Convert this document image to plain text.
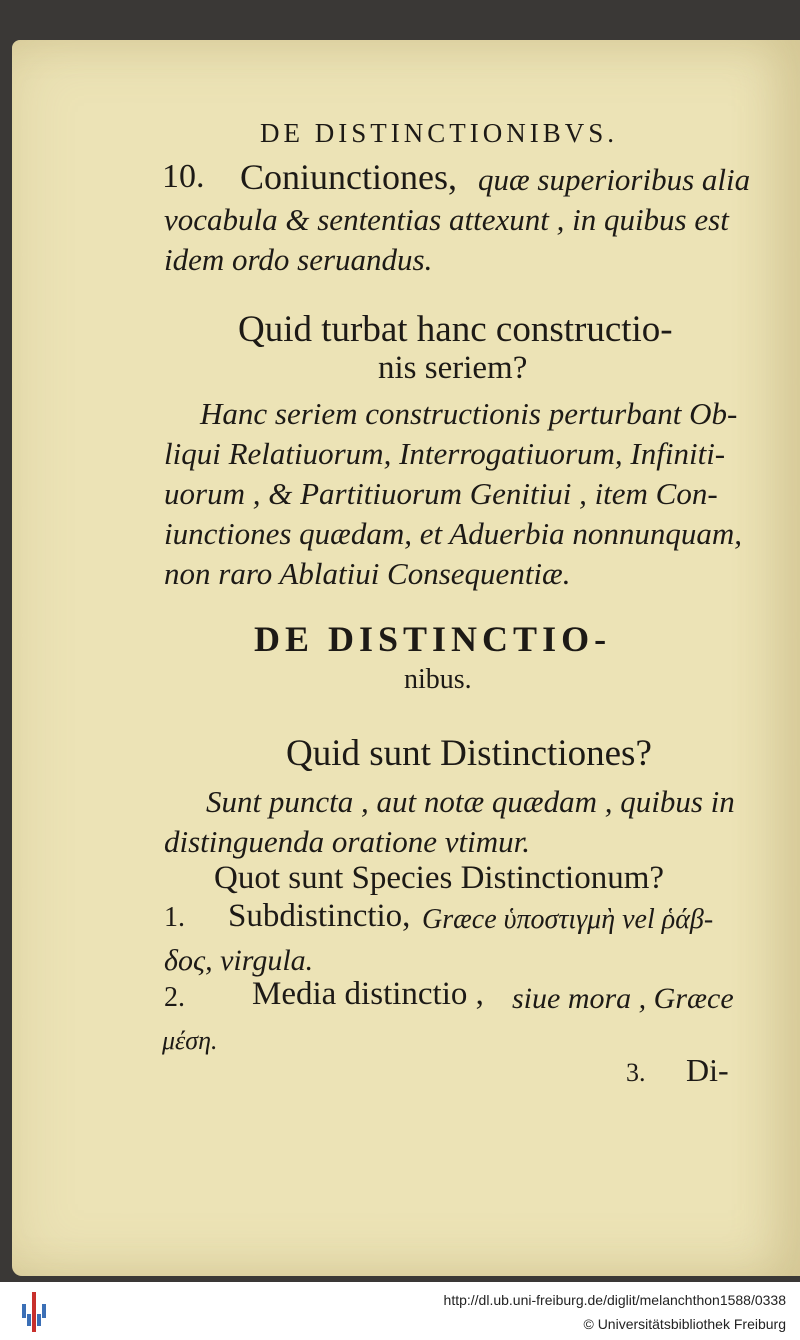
DE DISTINCTIONIBVS.
10. Coniunctiones, quæ superioribus alia
vocabula & sententias attexunt , in quibus est
idem ordo seruandus.
Quid turbat hanc constructio-
nis seriem?
Hanc seriem constructionis perturbant Ob-
liqui Relatiuorum, Interrogatiuorum, Infiniti-
uorum , & Partitiuorum Genitiui , item Con-
iunctiones quædam, et Aduerbia nonnunquam,
non raro Ablatiui Consequentiæ.
DE DISTINCTIO-
nibus.
Quid sunt Distinctiones?
Sunt puncta , aut notæ quædam , quibus in
distinguenda oratione vtimur.
Quot sunt Species Distinctionum?
1. Subdistinctio, Græce ὑποστιγμὴ vel ῥάβ-
δος, virgula.
2. Media distinctio , siue mora , Græce
μέση.
3. Di-
http://dl.ub.uni-freiburg.de/diglit/melanchthon1588/0338
© Universitätsbibliothek Freiburg
